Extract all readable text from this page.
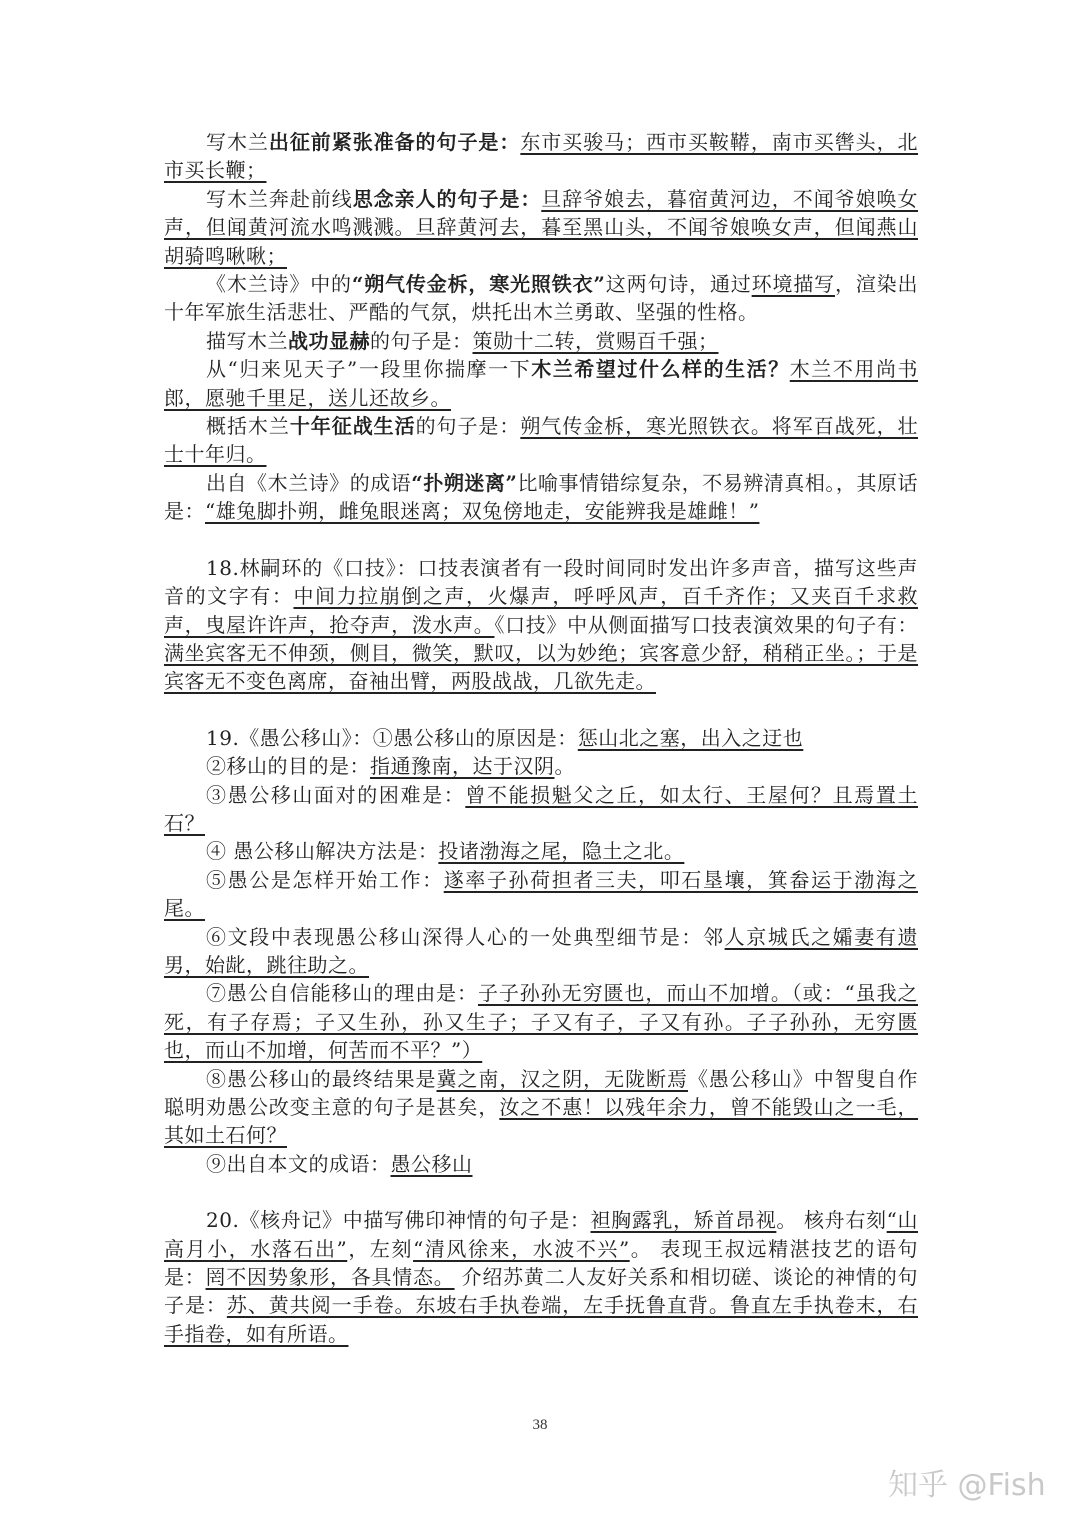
写木兰出征前紧张准备的句子是：东市买骏马；西市买鞍鞯，南市买辔头，北市买长鞭；
写木兰奔赴前线思念亲人的句子是：旦辞爷娘去，暮宿黄河边，不闻爷娘唤女声，但闻黄河流水鸣溅溅。旦辞黄河去，暮至黑山头，不闻爷娘唤女声，但闻燕山胡骑鸣啾啾；
《木兰诗》中的“朔气传金柝，寒光照铁衣”这两句诗，通过环境描写，渲染出十年军旅生活悲壮、严酷的气氛，烘托出木兰勇敢、坚强的性格。
描写木兰战功显赫的句子是：策勋十二转，赏赐百千强；
从“归来见天子”一段里你揣摩一下木兰希望过什么样的生活？木兰不用尚书郎，愿驰千里足，送儿还故乡。
概括木兰十年征战生活的句子是：朔气传金柝，寒光照铁衣。将军百战死，壮士十年归。
出自《木兰诗》的成语“扑朔迷离”比喻事情错综复杂，不易辨清真相。，其原话是：“雄兔脚扑朔，雌兔眼迷离；双兔傍地走，安能辨我是雄雌！”
18.林嗣环的《口技》：口技表演者有一段时间同时发出许多声音，描写这些声音的文字有：中间力拉崩倒之声，火爆声，呼呼风声，百千齐作；又夹百千求救声，曳屋许许声，抢夺声，泼水声。《口技》中从侧面描写口技表演效果的句子有：满坐宾客无不伸颈，侧目，微笑，默叹，以为妙绝；宾客意少舒，稍稍正坐。；于是宾客无不变色离席，奋袖出臂，两股战战，几欲先走。
19.《愚公移山》：①愚公移山的原因是：惩山北之塞，出入之迂也
②移山的目的是：指通豫南，达于汉阴。
③愚公移山面对的困难是：曾不能损魁父之丘，如太行、王屋何？且焉置土石？
④ 愚公移山解决方法是：投诸渤海之尾，隐土之北。
⑤愚公是怎样开始工作：遂率子孙荷担者三夫，叩石垦壤，箕畚运于渤海之尾。
⑥文段中表现愚公移山深得人心的一处典型细节是：邻人京城氏之孀妻有遗男，始龀，跳往助之。
⑦愚公自信能移山的理由是：子子孙孙无穷匮也，而山不加增。（或：“虽我之死，有子存焉；子又生孙，孙又生子；子又有子，子又有孙。子子孙孙，无穷匮也，而山不加增，何苦而不平？”）
⑧愚公移山的最终结果是冀之南，汉之阴，无陇断焉《愚公移山》中智叟自作聪明劝愚公改变主意的句子是甚矣，汝之不惠！以残年余力，曾不能毁山之一毛，其如土石何？
⑨出自本文的成语：愚公移山
20.《核舟记》中描写佛印神情的句子是：袒胸露乳，矫首昂视。 核舟右刻“山高月小，水落石出”，左刻“清风徐来，水波不兴”。 表现王叔远精湛技艺的语句是：罔不因势象形，各具情态。 介绍苏黄二人友好关系和相切磋、谈论的神情的句子是：苏、黄共阅一手卷。东坡右手执卷端，左手抚鲁直背。鲁直左手执卷末，右手指卷，如有所语。
38
知乎 @Fish
